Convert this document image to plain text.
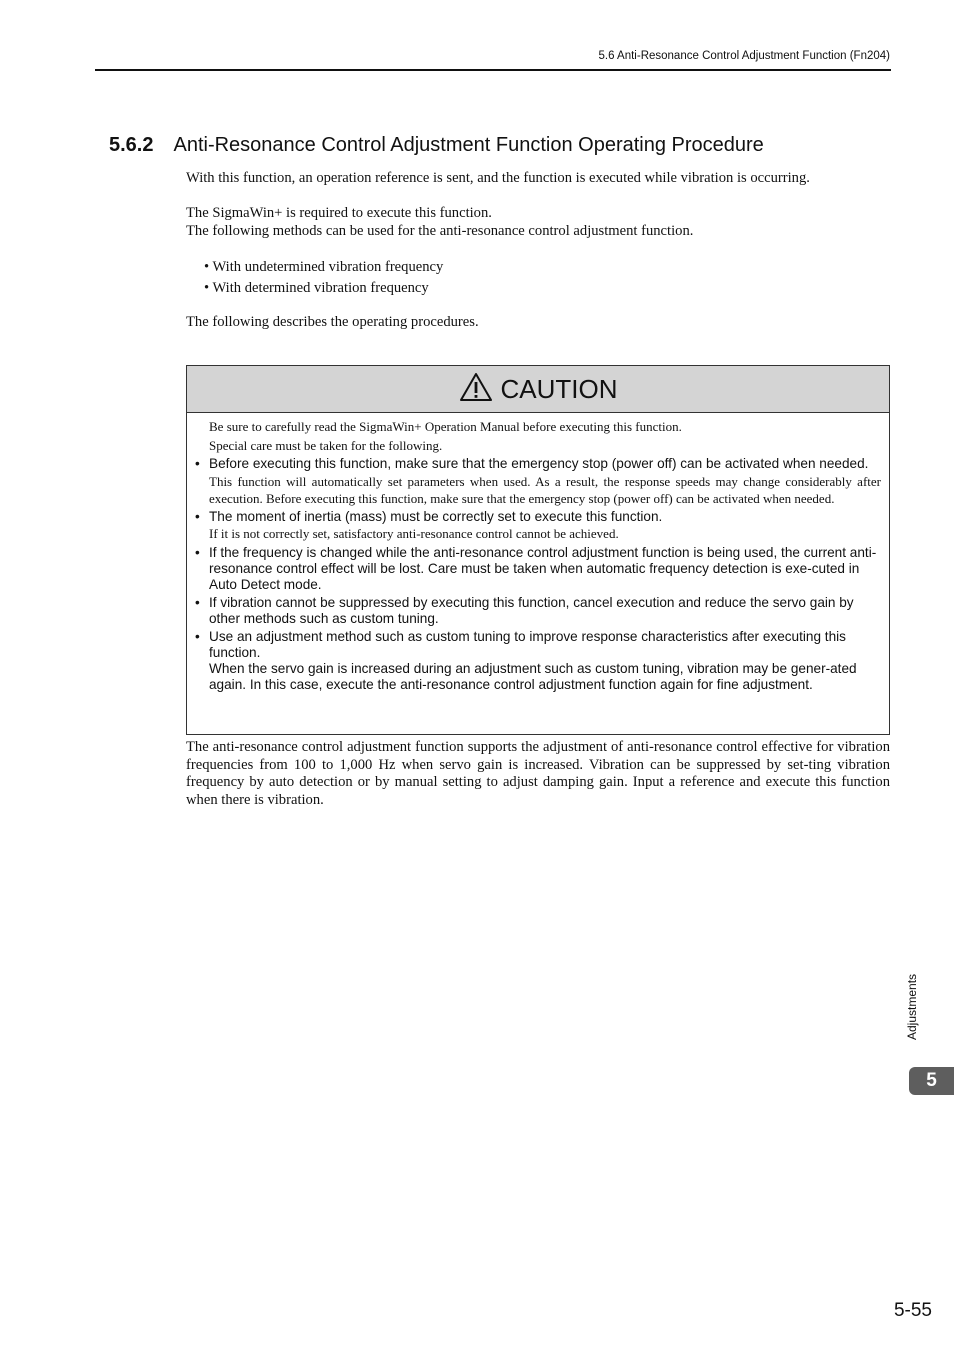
5.6 Anti-Resonance Control Adjustment Function (Fn204)
5.6.2 Anti-Resonance Control Adjustment Function Operating Procedure

With this function, an operation reference is sent, and the function is executed while vibration is occurring.

The SigmaWin+ is required to execute this function.
The following methods can be used for the anti-resonance control adjustment function.
• With undetermined vibration frequency
• With determined vibration frequency

The following describes the operating procedures.

CAUTION
Be sure to carefully read the SigmaWin+ Operation Manual before executing this function.
Special care must be taken for the following.
• Before executing this function, make sure that the emergency stop (power off) can be activated when needed.
This function will automatically set parameters when used. As a result, the response speeds may change considerably after execution. Before executing this function, make sure that the emergency stop (power off) can be activated when needed.
• The moment of inertia (mass) must be correctly set to execute this function.
If it is not correctly set, satisfactory anti-resonance control cannot be achieved.
• If the frequency is changed while the anti-resonance control adjustment function is being used, the current anti-resonance control effect will be lost. Care must be taken when automatic frequency detection is exe-cuted in Auto Detect mode.
• If vibration cannot be suppressed by executing this function, cancel execution and reduce the servo gain by other methods such as custom tuning.
• Use an adjustment method such as custom tuning to improve response characteristics after executing this function.
When the servo gain is increased during an adjustment such as custom tuning, vibration may be gener-ated again. In this case, execute the anti-resonance control adjustment function again for fine adjustment.

The anti-resonance control adjustment function supports the adjustment of anti-resonance control effective for vibration frequencies from 100 to 1,000 Hz when servo gain is increased. Vibration can be suppressed by set-ting vibration frequency by auto detection or by manual setting to adjust damping gain. Input a reference and execute this function when there is vibration.

Adjustments
5
5-55
